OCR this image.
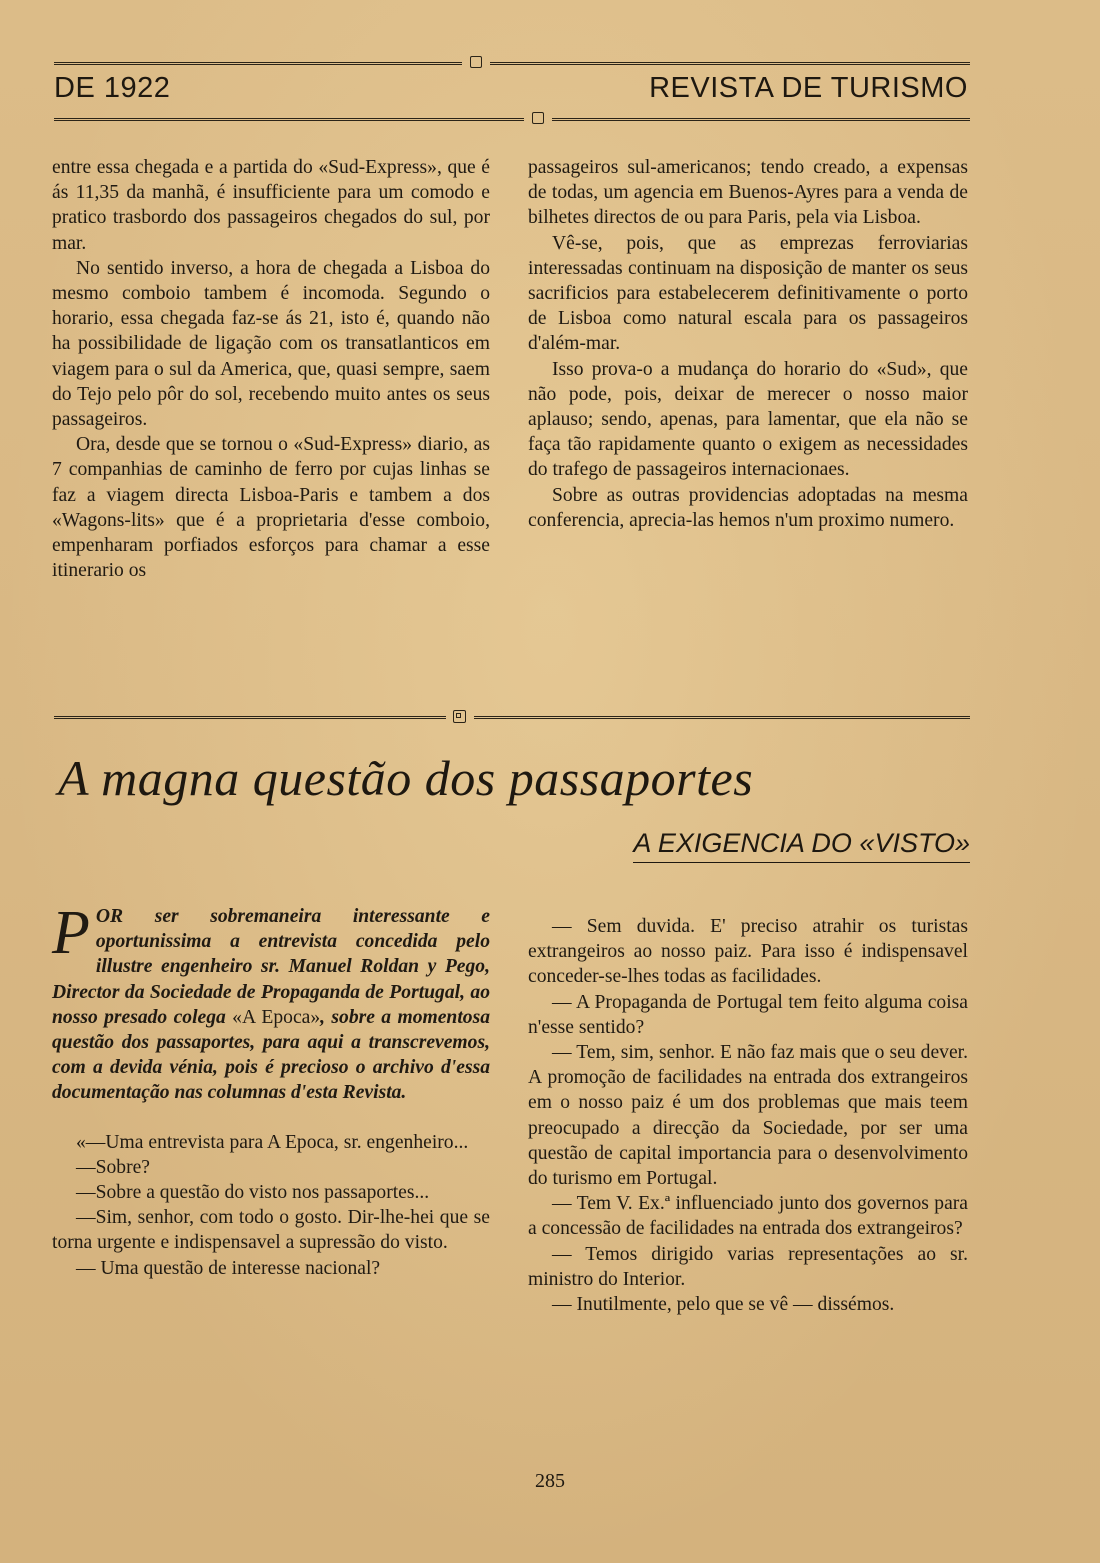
DE 1922	REVISTA DE TURISMO

entre essa chegada e a partida do «Sud-Express», que é ás 11,35 da manhã, é insufficiente para um comodo e pratico trasbordo dos passageiros chegados do sul, por mar.

No sentido inverso, a hora de chegada a Lisboa do mesmo comboio tambem é incomoda. Segundo o horario, essa chegada faz-se ás 21, isto é, quando não ha possibilidade de ligação com os transatlanticos em viagem para o sul da America, que, quasi sempre, saem do Tejo pelo pôr do sol, recebendo muito antes os seus passageiros.

Ora, desde que se tornou o «Sud-Express» diario, as 7 companhias de caminho de ferro por cujas linhas se faz a viagem directa Lisboa-Paris e tambem a dos «Wagons-lits» que é a proprietaria d'esse comboio, empenharam porfiados esforços para chamar a esse itinerario os

passageiros sul-americanos; tendo creado, a expensas de todas, um agencia em Buenos-Ayres para a venda de bilhetes directos de ou para Paris, pela via Lisboa.

Vê-se, pois, que as emprezas ferroviarias interessadas continuam na disposição de manter os seus sacrificios para estabelecerem definitivamente o porto de Lisboa como natural escala para os passageiros d'além-mar.

Isso prova-o a mudança do horario do «Sud», que não pode, pois, deixar de merecer o nosso maior aplauso; sendo, apenas, para lamentar, que ela não se faça tão rapidamente quanto o exigem as necessidades do trafego de passageiros internacionaes.

Sobre as outras providencias adoptadas na mesma conferencia, aprecia-las hemos n'um proximo numero.

A magna questão dos passaportes
A EXIGENCIA DO «VISTO»

POR ser sobremaneira interessante e oportunissima a entrevista concedida pelo illustre engenheiro sr. Manuel Roldan y Pego, Director da Sociedade de Propaganda de Portugal, ao nosso presado colega «A Epoca», sobre a momentosa questão dos passaportes, para aqui a transcrevemos, com a devida vénia, pois é precioso o archivo d'essa documentação nas columnas d'esta Revista.

«—Uma entrevista para A Epoca, sr. engenheiro...

—Sobre?

—Sobre a questão do visto nos passaportes...

—Sim, senhor, com todo o gosto. Dir-lhe-hei que se torna urgente e indispensavel a supressão do visto.

— Uma questão de interesse nacional?

— Sem duvida. E' preciso atrahir os turistas extrangeiros ao nosso paiz. Para isso é indispensavel conceder-se-lhes todas as facilidades.

— A Propaganda de Portugal tem feito alguma coisa n'esse sentido?

— Tem, sim, senhor. E não faz mais que o seu dever. A promoção de facilidades na entrada dos extrangeiros em o nosso paiz é um dos problemas que mais teem preocupado a direcção da Sociedade, por ser uma questão de capital importancia para o desenvolvimento do turismo em Portugal.

— Tem V. Ex.ª influenciado junto dos governos para a concessão de facilidades na entrada dos extrangeiros?

— Temos dirigido varias representações ao sr. ministro do Interior.

— Inutilmente, pelo que se vê — dissémos.

285
